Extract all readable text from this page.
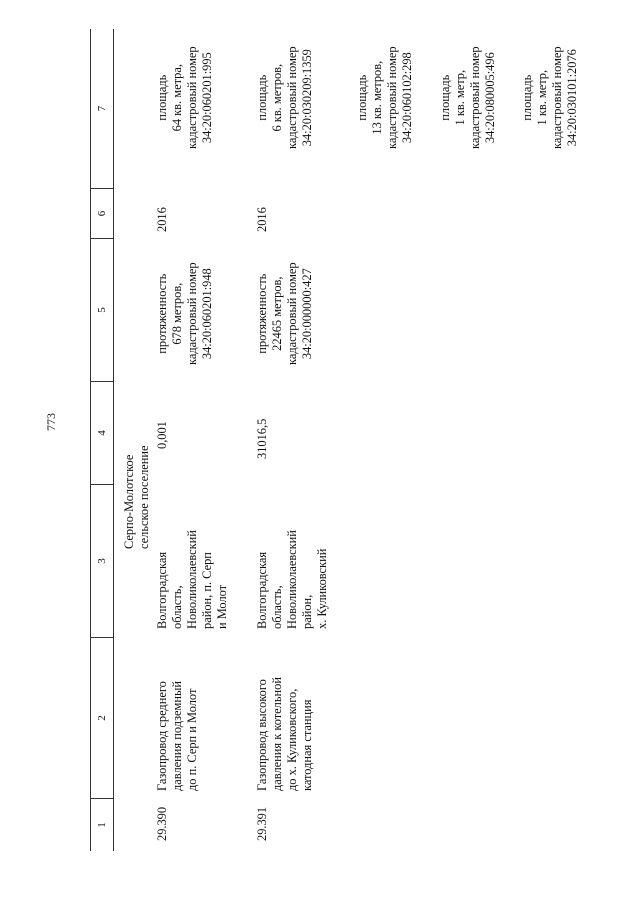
773
1
2
3
4
5
6
7
Серпо-Молотское
сельское поселение
29.390
Газопровод среднего
давления подземный
до п. Серп и Молот
Волгоградская
область,
Новоликолаевский
район, п. Серп
и Молот
0,001
протяженность
678 метров,
кадастровый номер
34:20:060201:948
2016
площадь
64 кв. метра,
кадастровый номер
34:20:060201:995
29.391
Газопровод высокого
давления к котельной
до х. Куликовского,
катодная станция
Волгоградская
область,
Новоликолаевский
район,
х. Куликовский
31016,5
протяженность
22465 метров,
кадастровый номер
34:20:000000:427
2016
площадь
6 кв. метров,
кадастровый номер
34:20:030209:1359	площадь
13 кв. метров,
кадастровый номер
34:20:060102:298 площадь
1 кв. метр,
кадастровый номер
34:20:080005:496 площадь
1 кв. метр,
кадастровый номер
34:20:030101:2076
